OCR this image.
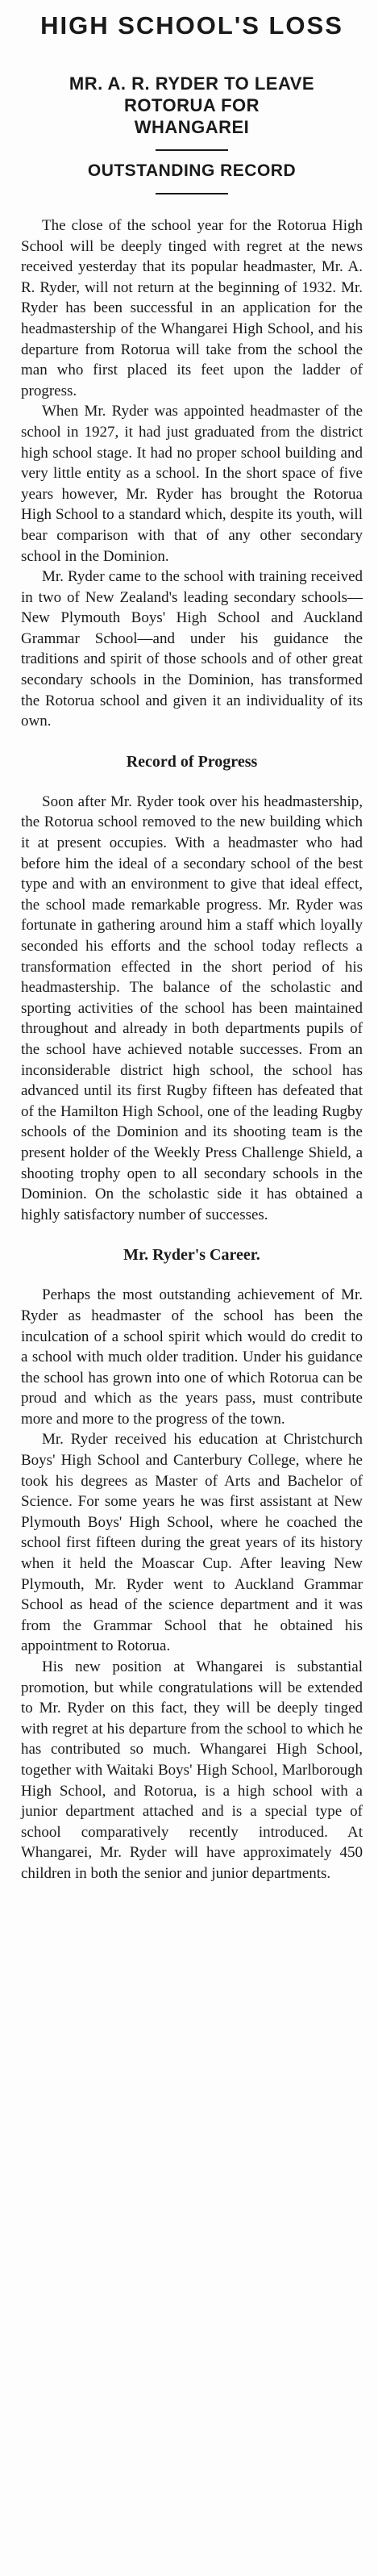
HIGH SCHOOL'S LOSS
MR. A. R. RYDER TO LEAVE
ROTORUA FOR
WHANGAREI
OUTSTANDING RECORD

The close of the school year for the Rotorua High School will be deeply tinged with regret at the news received yesterday that its popular headmaster, Mr. A. R. Ryder, will not return at the beginning of 1932. Mr. Ryder has been successful in an application for the headmastership of the Whangarei High School, and his departure from Rotorua will take from the school the man who first placed its feet upon the ladder of progress.

When Mr. Ryder was appointed headmaster of the school in 1927, it had just graduated from the district high school stage. It had no proper school building and very little entity as a school. In the short space of five years however, Mr. Ryder has brought the Rotorua High School to a standard which, despite its youth, will bear comparison with that of any other secondary school in the Dominion.

Mr. Ryder came to the school with training received in two of New Zealand's leading secondary schools—New Plymouth Boys' High School and Auckland Grammar School—and under his guidance the traditions and spirit of those schools and of other great secondary schools in the Dominion, has transformed the Rotorua school and given it an individuality of its own.

Record of Progress

Soon after Mr. Ryder took over his headmastership, the Rotorua school removed to the new building which it at present occupies. With a headmaster who had before him the ideal of a secondary school of the best type and with an environment to give that ideal effect, the school made remarkable progress. Mr. Ryder was fortunate in gathering around him a staff which loyally seconded his efforts and the school today reflects a transformation effected in the short period of his headmastership. The balance of the scholastic and sporting activities of the school has been maintained throughout and already in both departments pupils of the school have achieved notable successes. From an inconsiderable district high school, the school has advanced until its first Rugby fifteen has defeated that of the Hamilton High School, one of the leading Rugby schools of the Dominion and its shooting team is the present holder of the Weekly Press Challenge Shield, a shooting trophy open to all secondary schools in the Dominion. On the scholastic side it has obtained a highly satisfactory number of successes.

Mr. Ryder's Career.

Perhaps the most outstanding achievement of Mr. Ryder as headmaster of the school has been the inculcation of a school spirit which would do credit to a school with much older tradition. Under his guidance the school has grown into one of which Rotorua can be proud and which as the years pass, must contribute more and more to the progress of the town.

Mr. Ryder received his education at Christchurch Boys' High School and Canterbury College, where he took his degrees as Master of Arts and Bachelor of Science. For some years he was first assistant at New Plymouth Boys' High School, where he coached the school first fifteen during the great years of its history when it held the Moascar Cup. After leaving New Plymouth, Mr. Ryder went to Auckland Grammar School as head of the science department and it was from the Grammar School that he obtained his appointment to Rotorua.

His new position at Whangarei is substantial promotion, but while congratulations will be extended to Mr. Ryder on this fact, they will be deeply tinged with regret at his departure from the school to which he has contributed so much. Whangarei High School, together with Waitaki Boys' High School, Marlborough High School, and Rotorua, is a high school with a junior department attached and is a special type of school comparatively recently introduced. At Whangarei, Mr. Ryder will have approximately 450 children in both the senior and junior departments.
